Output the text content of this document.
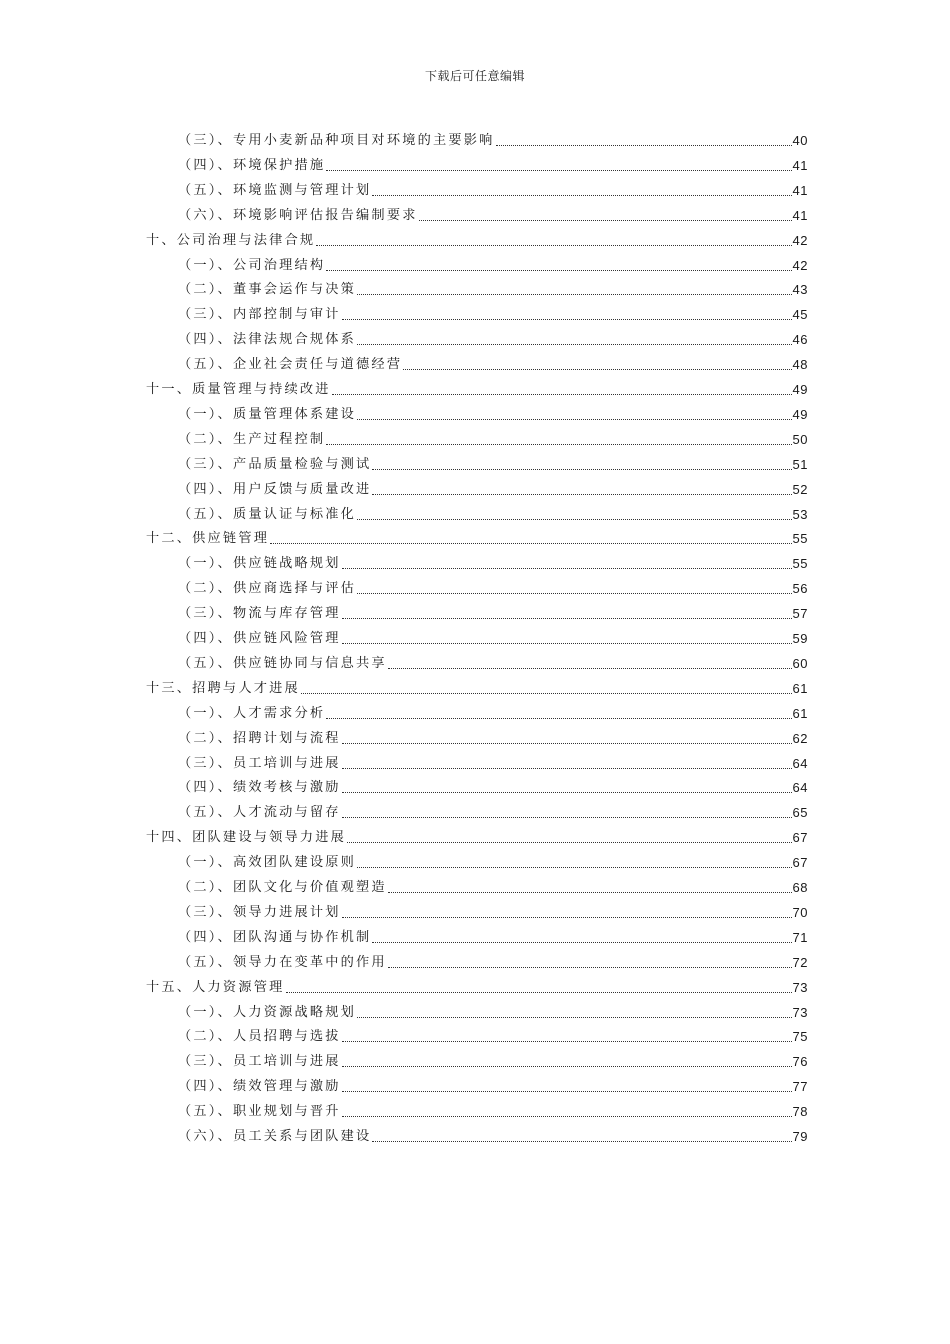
下载后可任意编辑
（三）、专用小麦新品种项目对环境的主要影响	40
（四）、环境保护措施	41
（五）、环境监测与管理计划	41
（六）、环境影响评估报告编制要求	41
十、公司治理与法律合规	42
（一）、公司治理结构	42
（二）、董事会运作与决策	43
（三）、内部控制与审计	45
（四）、法律法规合规体系	46
（五）、企业社会责任与道德经营	48
十一、质量管理与持续改进	49
（一）、质量管理体系建设	49
（二）、生产过程控制	50
（三）、产品质量检验与测试	51
（四）、用户反馈与质量改进	52
（五）、质量认证与标准化	53
十二、供应链管理	55
（一）、供应链战略规划	55
（二）、供应商选择与评估	56
（三）、物流与库存管理	57
（四）、供应链风险管理	59
（五）、供应链协同与信息共享	60
十三、招聘与人才进展	61
（一）、人才需求分析	61
（二）、招聘计划与流程	62
（三）、员工培训与进展	64
（四）、绩效考核与激励	64
（五）、人才流动与留存	65
十四、团队建设与领导力进展	67
（一）、高效团队建设原则	67
（二）、团队文化与价值观塑造	68
（三）、领导力进展计划	70
（四）、团队沟通与协作机制	71
（五）、领导力在变革中的作用	72
十五、人力资源管理	73
（一）、人力资源战略规划	73
（二）、人员招聘与选拔	75
（三）、员工培训与进展	76
（四）、绩效管理与激励	77
（五）、职业规划与晋升	78
（六）、员工关系与团队建设	79
